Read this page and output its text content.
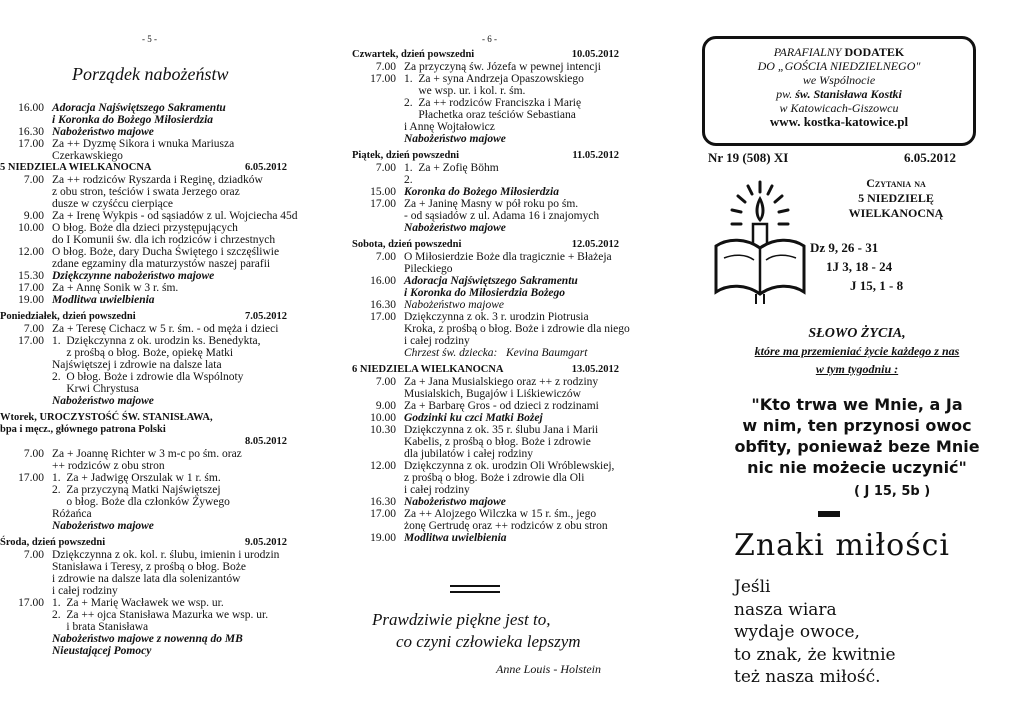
- 5 -
Porządek nabożeństw
16.00 Adoracja Najświętszego Sakramentu
i Koronka do Bożego Miłosierdzia
16.30 Nabożeństwo majowe
17.00 Za ++ Dyzmę Sikora i wnuka Mariusza
Czerkawskiego
5 NIEDZIELA WIELKANOCNA	6.05.2012
7.00 Za ++ rodziców Ryszarda i Reginę, dziadków
z obu stron, teściów i swata Jerzego oraz
dusze w czyśćcu cierpiące
9.00 Za + Irenę Wykpis - od sąsiadów z ul. Wojciecha 45d
10.00 O błog. Boże dla dzieci przystępujących
do I Komunii św. dla ich rodziców i chrzestnych
12.00 O błog. Boże, dary Ducha Świętego i szczęśliwie
zdane egzaminy dla maturzystów naszej parafii
15.30 Dziękczynne nabożeństwo majowe
17.00 Za + Annę Sonik w 3 r. śm.
19.00 Modlitwa uwielbienia
Poniedziałek, dzień powszedni	7.05.2012
7.00 Za + Teresę Cichacz w 5 r. śm. - od męża i dzieci
17.00 1.  Dziękczynna z ok. urodzin ks. Benedykta,
z prośbą o błog. Boże, opiekę Matki
Najświętszej i zdrowie na dalsze lata
2.  O błog. Boże i zdrowie dla Wspólnoty
Krwi Chrystusa
Nabożeństwo majowe
Wtorek, UROCZYSTOŚĆ ŚW. STANISŁAWA,
bpa i męcz., głównego patrona Polski
8.05.2012
7.00 Za + Joannę Richter w 3 m-c po śm. oraz
++ rodziców z obu stron
17.00 1.  Za + Jadwigę Orszulak w 1 r. śm.
2.  Za przyczyną Matki Najświętszej
o błog. Boże dla członków Żywego
Różańca
Nabożeństwo majowe
Środa, dzień powszedni	9.05.2012
7.00 Dziękczynna z ok. kol. r. ślubu, imienin i urodzin
Stanisława i Teresy, z prośbą o błog. Boże
i zdrowie na dalsze lata dla solenizantów
i całej rodziny
17.00 1.  Za + Marię Wacławek we wsp. ur.
2.  Za ++ ojca Stanisława Mazurka we wsp. ur.
i brata Stanisława
Nabożeństwo majowe z nowenną do MB
Nieustającej Pomocy
- 6 -
Czwartek, dzień powszedni	10.05.2012
7.00 Za przyczyną św. Józefa w pewnej intencji
17.00 1.  Za + syna Andrzeja Opaszowskiego
we wsp. ur. i kol. r. śm.
2.  Za ++ rodziców Franciszka i Marię
Płachetka oraz teściów Sebastiana
i Annę Wojtałowicz
Nabożeństwo majowe
Piątek, dzień powszedni	11.05.2012
7.00 1.  Za + Zofię Böhm
2.
15.00 Koronka do Bożego Miłosierdzia
17.00 Za + Janinę Masny w pół roku po śm.
- od sąsiadów z ul. Adama 16 i znajomych
Nabożeństwo majowe
Sobota, dzień powszedni	12.05.2012
7.00 O Miłosierdzie Boże dla tragicznie + Błażeja
Pileckiego
16.00 Adoracja Najświętszego Sakramentu
i Koronka do Miłosierdzia Bożego
16.30 Nabożeństwo majowe
17.00 Dziękczynna z ok. 3 r. urodzin Piotrusia
Kroka, z prośbą o błog. Boże i zdrowie dla niego
i całej rodziny
Chrzest św. dziecka:   Kevina Baumgart
6 NIEDZIELA WIELKANOCNA	13.05.2012
7.00 Za + Jana Musialskiego oraz ++ z rodziny
Musialskich, Bugajów i Liśkiewiczów
9.00 Za + Barbarę Gros - od dzieci z rodzinami
10.00 Godzinki ku czci Matki Bożej
10.30 Dziękczynna z ok. 35 r. ślubu Jana i Marii
Kabelis, z prośbą o błog. Boże i zdrowie
dla jubilatów i całej rodziny
12.00 Dziękczynna z ok. urodzin Oli Wróblewskiej,
z prośbą o błog. Boże i zdrowie dla Oli
i całej rodziny
16.30 Nabożeństwo majowe
17.00 Za ++ Alojzego Wilczka w 15 r. śm., jego
żonę Gertrudę oraz ++ rodziców z obu stron
19.00 Modlitwa uwielbienia
Prawdziwie piękne jest to,
co czyni człowieka lepszym
Anne Louis - Holstein
PARAFIALNY DODATEK
DO „GOŚCIA NIEDZIELNEGO"
we Wspólnocie
pw. św. Stanisława Kostki
w Katowicach-Giszowcu
www. kostka-katowice.pl
Nr 19 (508) XI	6.05.2012
Czytania na
5 NIEDZIELĘ
WIELKANOCNĄ
Dz 9, 26 - 31
1J 3, 18 - 24
J 15, 1 - 8
SŁOWO ŻYCIA,
które ma przemieniać życie każdego z nas
w tym tygodniu :
"Kto trwa we Mnie, a Ja
w nim, ten przynosi owoc
obfity, ponieważ beze Mnie
nic nie możecie uczynić"
( J 15, 5b )
Znaki miłości
Jeśli
nasza wiara
wydaje owoce,
to znak, że kwitnie
też nasza miłość.
